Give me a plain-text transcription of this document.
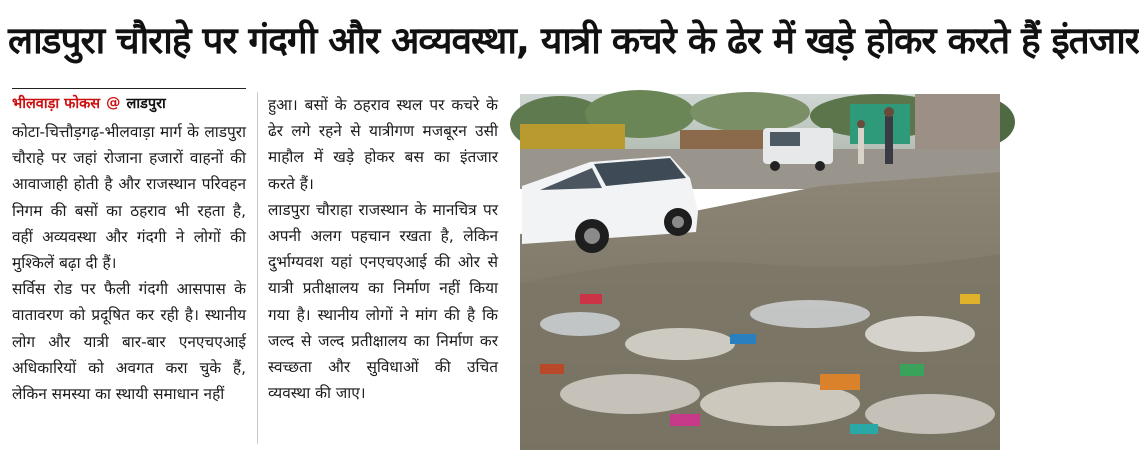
लाडपुरा चौराहे पर गंदगी और अव्यवस्था, यात्री कचरे के ढेर में खड़े होकर करते हैं इंतजार
भीलवाड़ा फोकस @ लाडपुरा

कोटा-चित्तौड़गढ़-भीलवाड़ा मार्ग के लाडपुरा चौराहे पर जहां रोजाना हजारों वाहनों की आवाजाही होती है और राजस्थान परिवहन निगम की बसों का ठहराव भी रहता है, वहीं अव्यवस्था और गंदगी ने लोगों की मुश्किलें बढ़ा दी हैं।

सर्विस रोड पर फैली गंदगी आसपास के वातावरण को प्रदूषित कर रही है। स्थानीय लोग और यात्री बार-बार एनएचएआई अधिकारियों को अवगत करा चुके हैं, लेकिन समस्या का स्थायी समाधान नहीं

हुआ। बसों के ठहराव स्थल पर कचरे के ढेर लगे रहने से यात्रीगण मजबूरन उसी माहौल में खड़े होकर बस का इंतजार करते हैं।

लाडपुरा चौराहा राजस्थान के मानचित्र पर अपनी अलग पहचान रखता है, लेकिन दुर्भाग्यवश यहां एनएचएआई की ओर से यात्री प्रतीक्षालय का निर्माण नहीं किया गया है। स्थानीय लोगों ने मांग की है कि जल्द से जल्द प्रतीक्षालय का निर्माण कर स्वच्छता और सुविधाओं की उचित व्यवस्था की जाए।
